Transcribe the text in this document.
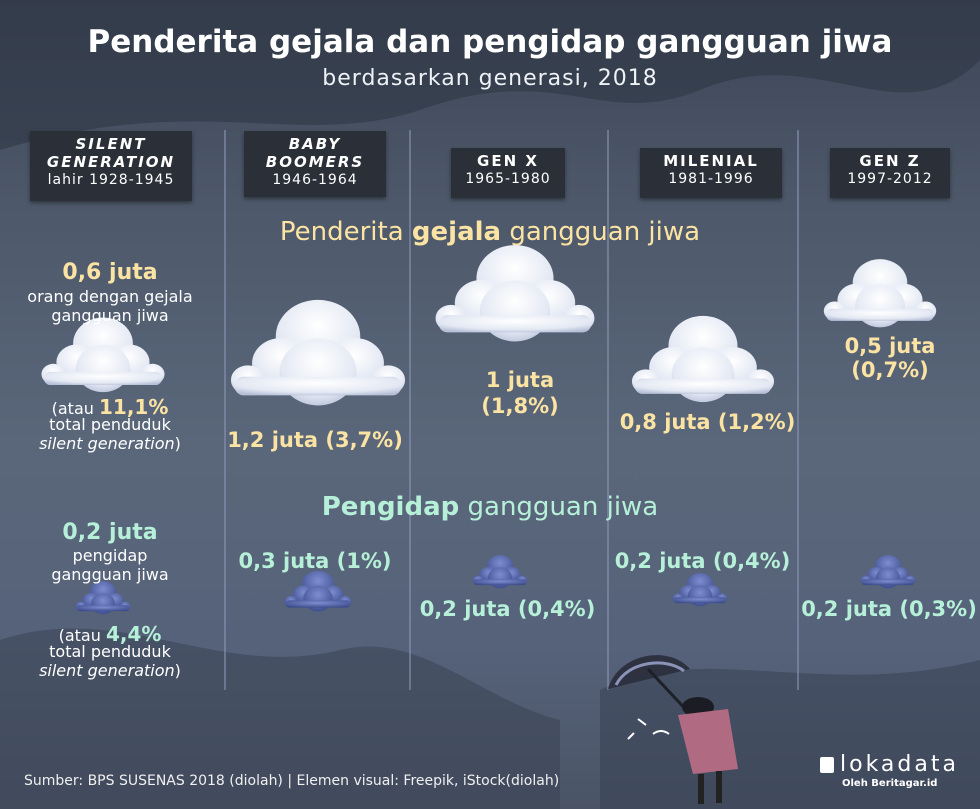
Penderita gejala dan pengidap gangguan jiwa
berdasarkan generasi, 2018
SILENT
GENERATION
lahir 1928-1945
BABY
BOOMERS
1946-1964
GEN X
1965-1980
MILENIAL
1981-1996
GEN Z
1997-2012
Penderita gejala gangguan jiwa
Pengidap gangguan jiwa
0,6 juta
orang dengan gejala
gangguan jiwa
(atau 11,1%
total penduduk
silent generation)
0,2 juta
pengidap
gangguan jiwa
(atau 4,4%
total penduduk
silent generation)
1,2 juta (3,7%)
1 juta
(1,8%)
0,8 juta (1,2%)
0,5 juta (0,7%)
0,3 juta (1%)
0,2 juta (0,4%)
0,2 juta (0,4%)
0,2 juta (0,3%)
Sumber: BPS SUSENAS 2018 (diolah) | Elemen visual: Freepik, iStock(diolah)
lokadata
Oleh Beritagar.id
